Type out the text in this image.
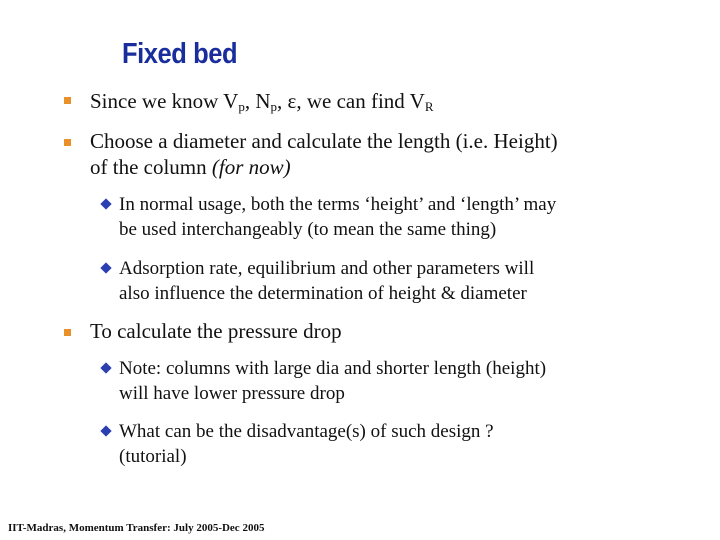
Fixed bed
Since we know $V_p$, $N_p$, ε, we can find $V_R$
Choose a diameter and calculate the length (i.e. Height)
of the column (for now)
In normal usage, both the terms ‘height’ and ‘length’ may
be used interchangeably (to mean the same thing)
Adsorption rate, equilibrium and other parameters will
also influence the determination of height & diameter
To calculate the pressure drop
Note: columns with large dia and shorter length (height)
will have lower pressure drop
What can be the disadvantage(s) of such design ?
(tutorial)
IIT-Madras, Momentum Transfer: July 2005-Dec 2005
